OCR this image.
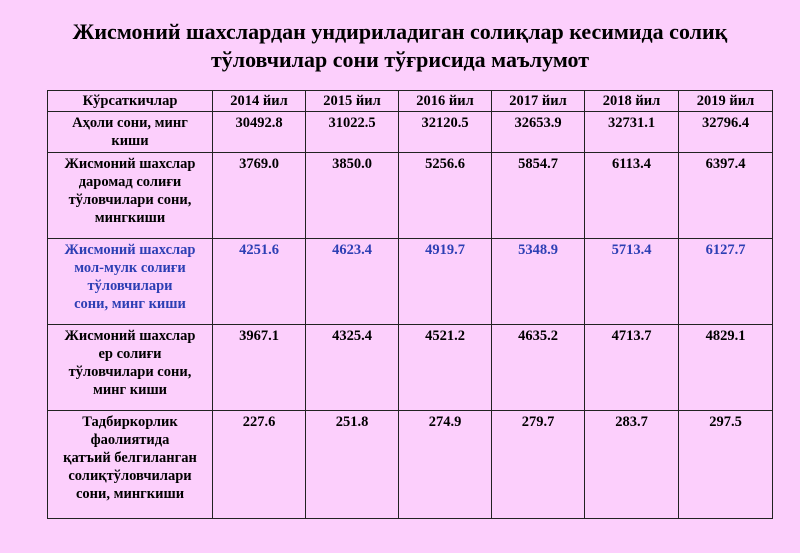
Жисмоний шахслардан ундириладиган солиқлар кесимида солиқ
тўловчилар сони тўғрисида маълумот
Кўрсаткичлар	2014 йил	2015 йил	2016 йил	2017 йил	2018 йил	2019 йил

Аҳоли сони, минг
киши	30492.8	31022.5	32120.5	32653.9	32731.1	32796.4

Жисмоний шахслар
даромад солиғи
тўловчилари сони,
мингкиши	3769.0	3850.0	5256.6	5854.7	6113.4	6397.4

Жисмоний шахслар
мол-мулк солиғи
тўловчилари
сони, минг киши	4251.6	4623.4	4919.7	5348.9	5713.4	6127.7

Жисмоний шахслар
ер солиғи
тўловчилари сони,
минг киши	3967.1	4325.4	4521.2	4635.2	4713.7	4829.1

Тадбиркорлик
фаолиятида
қатъий белгиланган
солиқтўловчилари
сони, мингкиши	227.6	251.8	274.9	279.7	283.7	297.5
